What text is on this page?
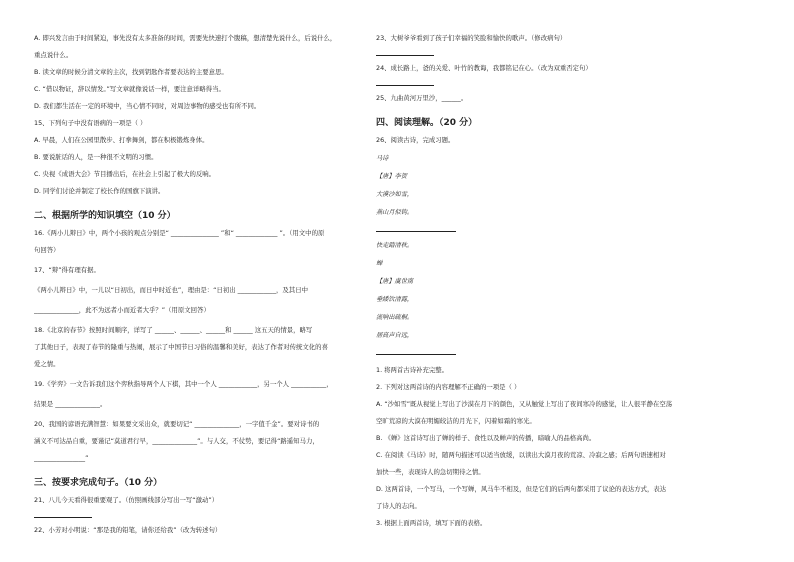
A. 即兴发言由于时间紧迫，事先没有太多准备的时间，需要先快速打个腹稿，想清楚先说什么，后说什么，
重点说什么。
B. 读文章的时候分清文章的主次，找到钥匙作者要表达的主要意思。
C. “借以物证，辞以情发。”写文章就像说话一样，要注意详略得当。
D. 我们都生活在一定的环境中，当心情不同时，对周边事物的感受也有所不同。
15、下列句子中没有语病的一项是（ ）
A. 早晨，人们在公园里散步、打拳舞剑，都在积极锻炼身体。
B. 要说脏话的人，是一种很不文明的习惯。
C. 央视《成语大会》节目播出后，在社会上引起了极大的反响。
D. 同学们讨论并制定了校长作的国旗下演讲。
二、根据所学的知识填空（10 分）
16.《两小儿辩日》中，两个小孩的观点分别是“ _______________ ”和“ _____________ ”。（用文中的原
句回答）
17、“辩”得有理有据。
《两小儿辩日》中，一儿以“日初出，而日中时近也”，理由是：“日初出 ____________，及其日中
______________，此不为远者小而近者大乎？”（用原文回答）
18.《北京的春节》按照时间顺序，详写了 ______、______、______和 ______ 这五天的情景，略写
了其他日子，表现了春节的隆重与热闹，展示了中国节日习俗的温馨和美好，表达了作者对传统文化的喜
爱之情。
19.《学弈》一文告诉我们这个弈秋指导两个人下棋，其中一个人 ____________，另一个人 ___________，
结果是 ______________。
20、我国的谚语充满智慧：如果要文采出众，就要切记“ ______________，一字值千金”。要对诗书的
涵义不可达品自重，要谨记“莫道君行早，______________”。与人交，不仗势，要记得“路遥知马力，
________________”
三、按要求完成句子。（10 分）
21、八儿今天看得很重要观了。（仿照画线部分写出一写“激动”）
22、小芳对小明说：“那是我的铅笔，请你还给我”（改为转述句）
23、大树爷爷看到了孩子们幸福的笑脸和愉快的歌声。（修改病句）
24、成长路上，爸的关爱、叶竹的教诲，我都铭记在心。（改为双重否定句）
25、九曲黄河万里沙，______。
四、阅读理解。（20 分）
26、阅读古诗，完成习题。
马诗
【唐】李贺
大漠沙如雪，
燕山月似钩。
快走踏清秋。
蝉
【唐】虞世南
垂緌饮清露，
流响出疏桐。
居高声自远，
1. 将两首古诗补充完整。
2. 下列对这两首诗的内容理解不正确的一项是（ ）
A. “沙如雪”既从视觉上写出了沙漠在月下的颜色，又从触觉上写出了夜间寒冷的感觉，让人很平静在空荡
空旷荒凉的大漠在明媚皎洁的月光下，闪着如霜的寒光。
B. 《蝉》这首诗写出了蝉的样子、食性以及蝉声的传播，暗喻人的品格高尚。
C. 在阅读《马诗》时，随两句描述可以适当放缓，以读出大漠月夜的荒凉、冷寂之感；后两句语速相对
加快一些，表现诗人的急切期待之情。
D. 这两首诗，一个写马，一个写蝉，风马牛不相及，但是它们的后两句都采用了议论的表达方式，表达
了诗人的志向。
3. 根据上面两首诗，填写下面的表格。
